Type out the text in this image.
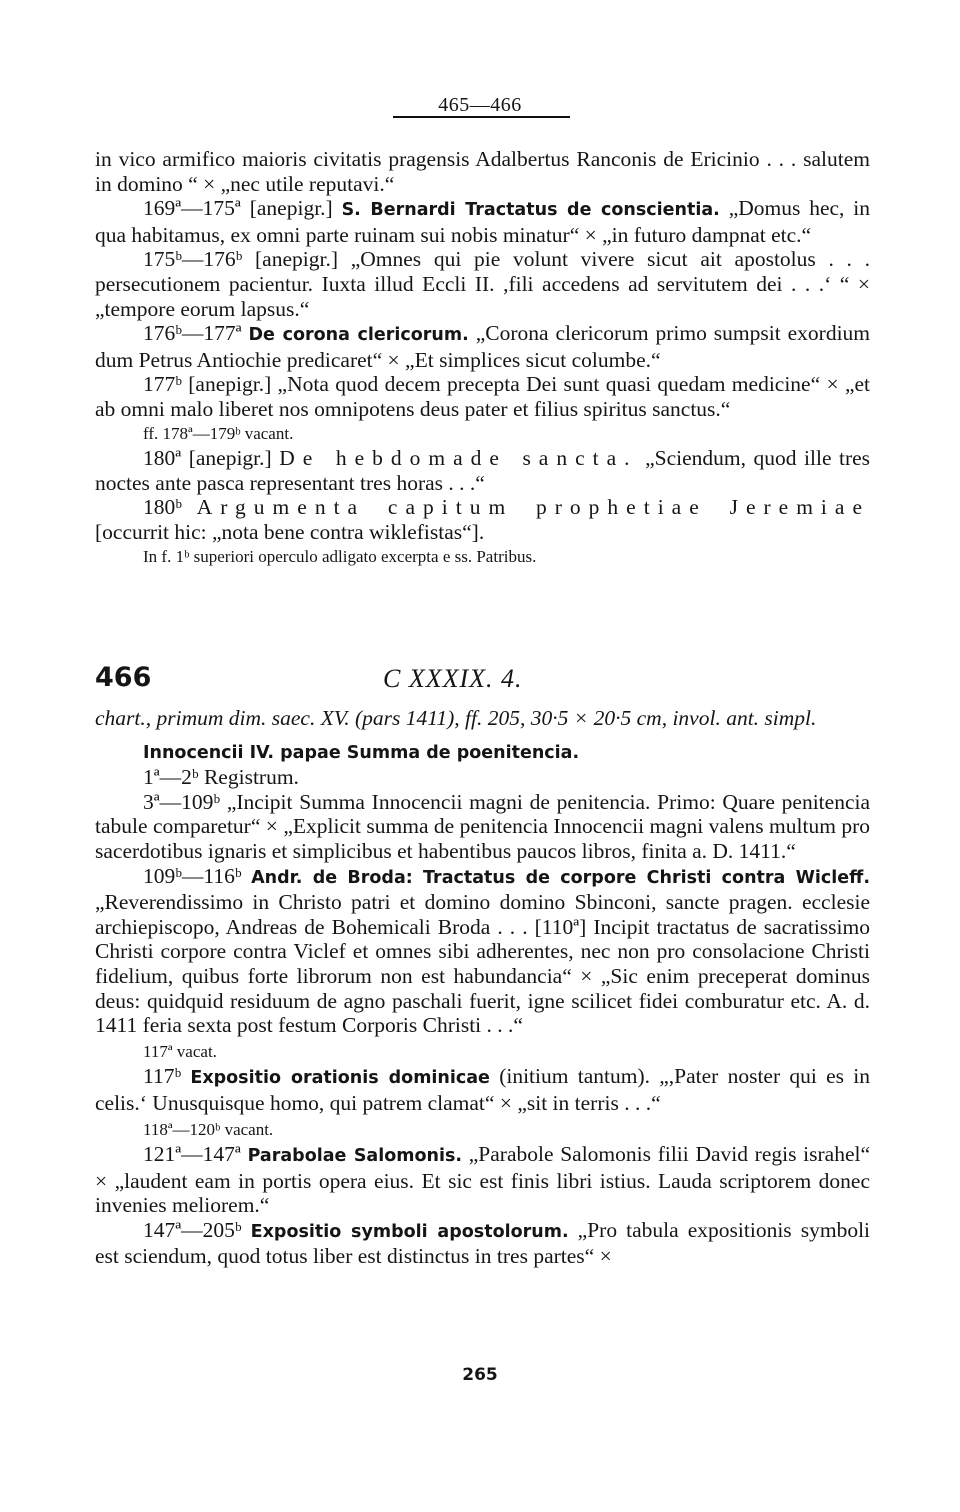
465—466

in vico armifico maioris civitatis pragensis Adalbertus Ranconis de Ericinio . . . salutem in domino “ × „nec utile reputavi.“

169ª—175ª [anepigr.] S. Bernardi Tractatus de conscientia. „Domus hec, in qua habitamus, ex omni parte ruinam sui nobis minatur“ × „in futuro dampnat etc.“

175ᵇ—176ᵇ [anepigr.] „Omnes qui pie volunt vivere sicut ait apostolus . . . persecutionem pacientur. Iuxta illud Eccli II. ,fili accedens ad servitutem dei . . .‘ “ × „tempore eorum lapsus.“

176ᵇ—177ª De corona clericorum. „Corona clericorum primo sumpsit exordium dum Petrus Antiochie predicaret“ × „Et simplices sicut columbe.“

177ᵇ [anepigr.] „Nota quod decem precepta Dei sunt quasi quedam medicine“ × „et ab omni malo liberet nos omnipotens deus pater et filius spiritus sanctus.“

ff. 178ª—179ᵇ vacant.

180ª [anepigr.] De hebdomade sancta. „Sciendum, quod ille tres noctes ante pasca representant tres horas . . .“

180ᵇ Argumenta capitum prophetiae Jeremiae [occurrit hic: „nota bene contra wiklefistas“].

In f. 1ᵇ superiori operculo adligato excerpta e ss. Patribus.

466	C XXXIX. 4.

chart., primum dim. saec. XV. (pars 1411), ff. 205, 30·5 × 20·5 cm, invol. ant. simpl.

Innocencii IV. papae Summa de poenitencia.

1ª—2ᵇ Registrum.

3ª—109ᵇ „Incipit Summa Innocencii magni de penitencia. Primo: Quare penitencia tabule comparetur“ × „Explicit summa de penitencia Innocencii magni valens multum pro sacerdotibus ignaris et simplicibus et habentibus paucos libros, finita a. D. 1411.“

109ᵇ—116ᵇ Andr. de Broda: Tractatus de corpore Christi contra Wicleff. „Reverendissimo in Christo patri et domino domino Sbinconi, sancte pragen. ecclesie archiepiscopo, Andreas de Bohemicali Broda . . . [110ª] Incipit tractatus de sacratissimo Christi corpore contra Viclef et omnes sibi adherentes, nec non pro consolacione Christi fidelium, quibus forte librorum non est habundancia“ × „Sic enim preceperat dominus deus: quidquid residuum de agno paschali fuerit, igne scilicet fidei comburatur etc. A. d. 1411 feria sexta post festum Corporis Christi . . .“

117ª vacat.

117ᵇ Expositio orationis dominicae (initium tantum). „,Pater noster qui es in celis.‘ Unusquisque homo, qui patrem clamat“ × „sit in terris . . .“

118ª—120ᵇ vacant.

121ª—147ª Parabolae Salomonis. „Parabole Salomonis filii David regis israhel“ × „laudent eam in portis opera eius. Et sic est finis libri istius. Lauda scriptorem donec invenies meliorem.“

147ª—205ᵇ Expositio symboli apostolorum. „Pro tabula expositionis symboli est sciendum, quod totus liber est distinctus in tres partes“ ×

265
